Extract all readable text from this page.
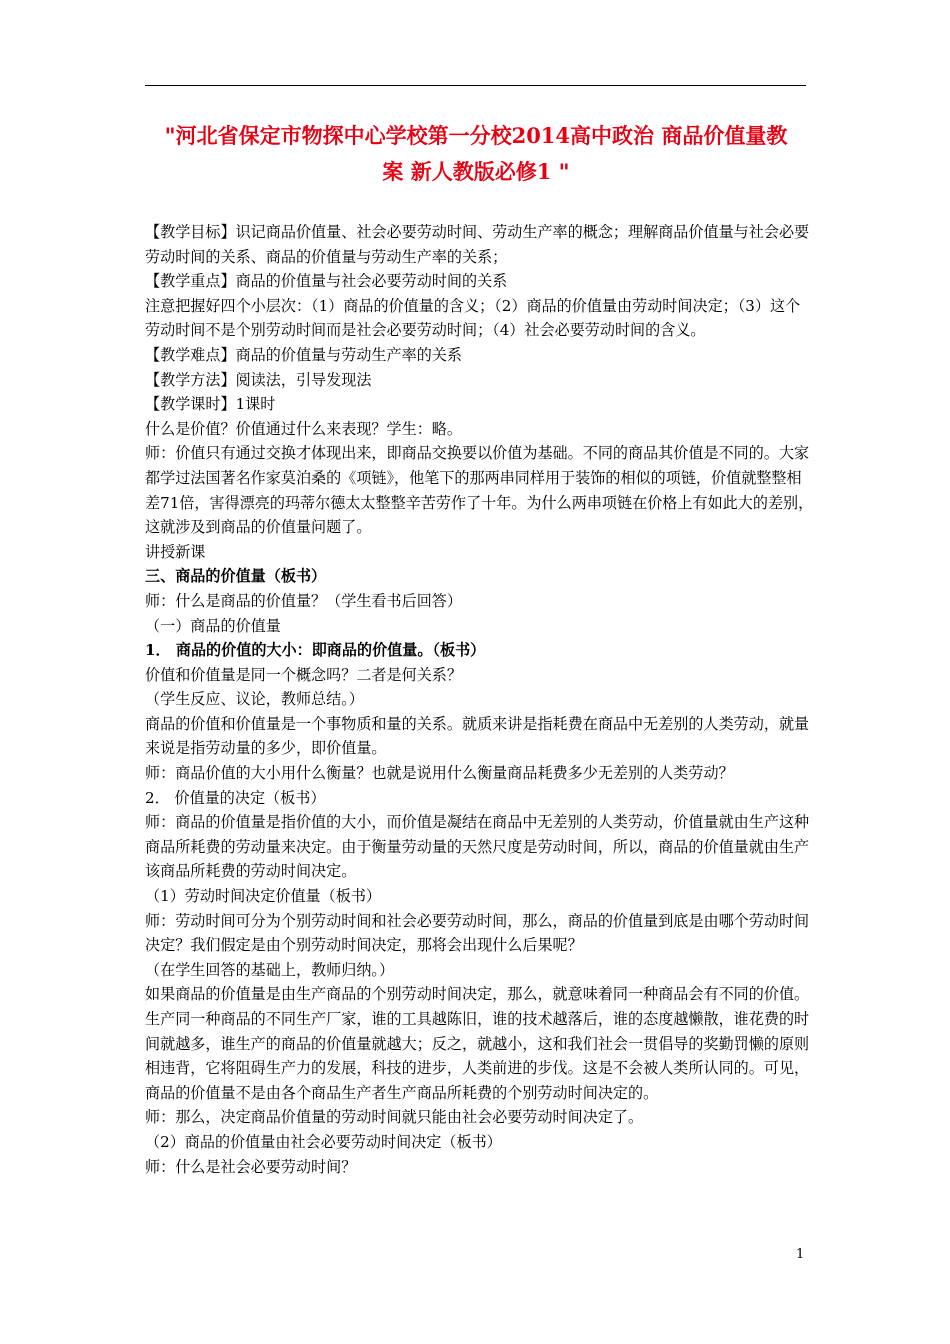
"河北省保定市物探中心学校第一分校2014高中政治 商品价值量教
案 新人教版必修1 "

【教学目标】识记商品价值量、社会必要劳动时间、劳动生产率的概念；理解商品价值量与社会必要劳动时间的关系、商品的价值量与劳动生产率的关系；

【教学重点】商品的价值量与社会必要劳动时间的关系

注意把握好四个小层次：（1）商品的价值量的含义；（2）商品的价值量由劳动时间决定；（3）这个劳动时间不是个别劳动时间而是社会必要劳动时间；（4）社会必要劳动时间的含义。

【教学难点】商品的价值量与劳动生产率的关系

【教学方法】阅读法，引导发现法

【教学课时】1课时

什么是价值？价值通过什么来表现？学生：略。

师：价值只有通过交换才体现出来，即商品交换要以价值为基础。不同的商品其价值是不同的。大家都学过法国著名作家莫泊桑的《项链》，他笔下的那两串同样用于装饰的相似的项链，价值就整整相差71倍，害得漂亮的玛蒂尔德太太整整辛苦劳作了十年。为什么两串项链在价格上有如此大的差别，这就涉及到商品的价值量问题了。

讲授新课

三、商品的价值量（板书）

师：什么是商品的价值量？（学生看书后回答）

（一）商品的价值量

1． 商品的价值的大小：即商品的价值量。（板书）

价值和价值量是同一个概念吗？二者是何关系？

（学生反应、议论，教师总结。）

商品的价值和价值量是一个事物质和量的关系。就质来讲是指耗费在商品中无差别的人类劳动，就量来说是指劳动量的多少，即价值量。

师：商品价值的大小用什么衡量？也就是说用什么衡量商品耗费多少无差别的人类劳动？

2． 价值量的决定（板书）

师：商品的价值量是指价值的大小，而价值是凝结在商品中无差别的人类劳动，价值量就由生产这种商品所耗费的劳动量来决定。由于衡量劳动量的天然尺度是劳动时间，所以，商品的价值量就由生产该商品所耗费的劳动时间决定。

（1）劳动时间决定价值量（板书）

师：劳动时间可分为个别劳动时间和社会必要劳动时间，那么，商品的价值量到底是由哪个劳动时间决定？我们假定是由个别劳动时间决定，那将会出现什么后果呢？

（在学生回答的基础上，教师归纳。）

如果商品的价值量是由生产商品的个别劳动时间决定，那么，就意味着同一种商品会有不同的价值。生产同一种商品的不同生产厂家，谁的工具越陈旧，谁的技术越落后，谁的态度越懒散，谁花费的时间就越多，谁生产的商品的价值量就越大；反之，就越小，这和我们社会一贯倡导的奖勤罚懒的原则相违背，它将阻碍生产力的发展，科技的进步，人类前进的步伐。这是不会被人类所认同的。可见，商品的价值量不是由各个商品生产者生产商品所耗费的个别劳动时间决定的。

师：那么，决定商品价值量的劳动时间就只能由社会必要劳动时间决定了。

（2）商品的价值量由社会必要劳动时间决定（板书）

师：什么是社会必要劳动时间？

1
